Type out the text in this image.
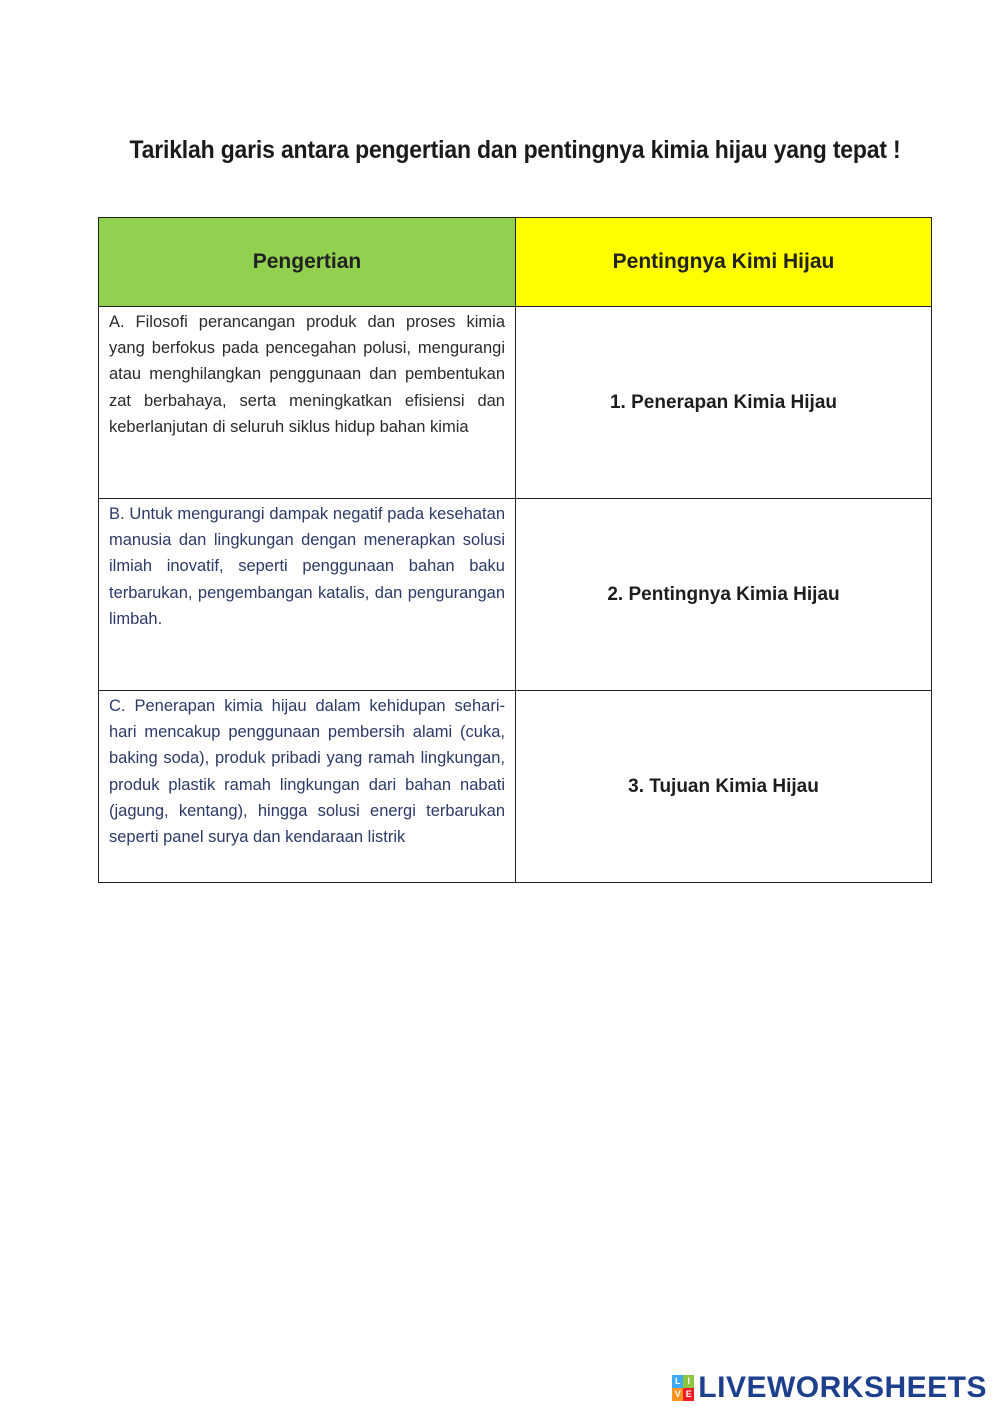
Tariklah garis antara pengertian dan pentingnya kimia hijau yang tepat !
Pengertian	Pentingnya Kimi Hijau

A. Filosofi perancangan produk dan proses kimia yang berfokus pada pencegahan polusi, mengurangi atau menghilangkan penggunaan dan pembentukan zat berbahaya, serta meningkatkan efisiensi dan keberlanjutan di seluruh siklus hidup bahan kimia	1. Penerapan Kimia Hijau

B. Untuk mengurangi dampak negatif pada kesehatan manusia dan lingkungan dengan menerapkan solusi ilmiah inovatif, seperti penggunaan bahan baku terbarukan, pengembangan katalis, dan pengurangan limbah.	2. Pentingnya Kimia Hijau

C. Penerapan kimia hijau dalam kehidupan sehari-hari mencakup penggunaan pembersih alami (cuka, baking soda), produk pribadi yang ramah lingkungan, produk plastik ramah lingkungan dari bahan nabati (jagung, kentang), hingga solusi energi terbarukan seperti panel surya dan kendaraan listrik	3. Tujuan Kimia Hijau
L I
V E LIVEWORKSHEETS
